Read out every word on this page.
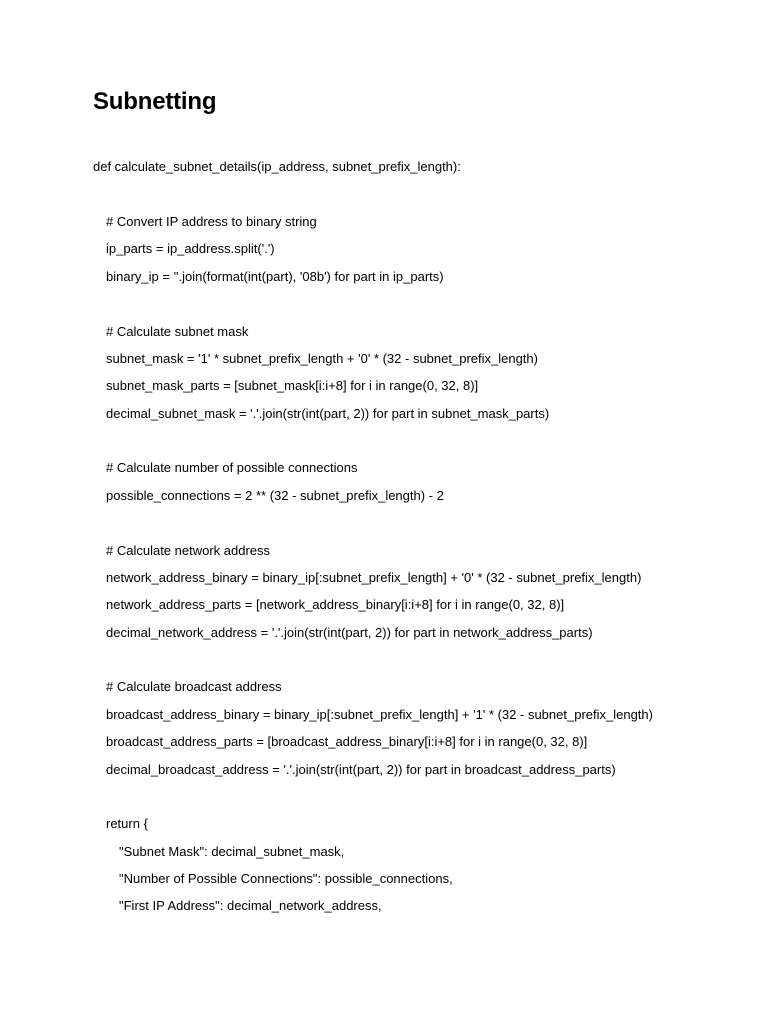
Subnetting
def calculate_subnet_details(ip_address, subnet_prefix_length):
# Convert IP address to binary string
ip_parts = ip_address.split('.')
binary_ip = ''.join(format(int(part), '08b') for part in ip_parts)
# Calculate subnet mask
subnet_mask = '1' * subnet_prefix_length + '0' * (32 - subnet_prefix_length)
subnet_mask_parts = [subnet_mask[i:i+8] for i in range(0, 32, 8)]
decimal_subnet_mask = '.'.join(str(int(part, 2)) for part in subnet_mask_parts)
# Calculate number of possible connections
possible_connections = 2 ** (32 - subnet_prefix_length) - 2
# Calculate network address
network_address_binary = binary_ip[:subnet_prefix_length] + '0' * (32 - subnet_prefix_length)
network_address_parts = [network_address_binary[i:i+8] for i in range(0, 32, 8)]
decimal_network_address = '.'.join(str(int(part, 2)) for part in network_address_parts)
# Calculate broadcast address
broadcast_address_binary = binary_ip[:subnet_prefix_length] + '1' * (32 - subnet_prefix_length)
broadcast_address_parts = [broadcast_address_binary[i:i+8] for i in range(0, 32, 8)]
decimal_broadcast_address = '.'.join(str(int(part, 2)) for part in broadcast_address_parts)
return {
"Subnet Mask": decimal_subnet_mask,
"Number of Possible Connections": possible_connections,
"First IP Address": decimal_network_address,
